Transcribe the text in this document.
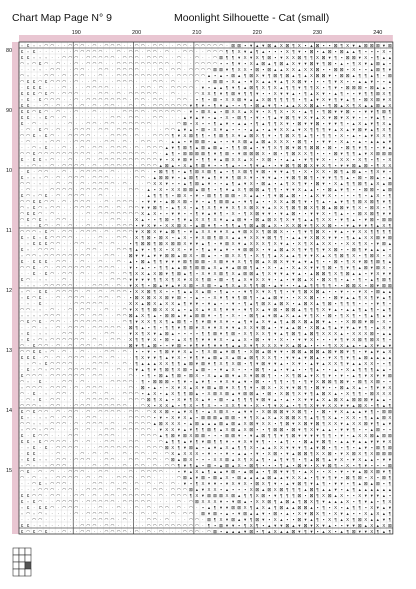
Chart Map Page N° 9	Moonlight Silhouette - Cat (small)
190	200	210	220	230	240
80
90
100
110
120
130
140
150
▫ Ɛ ▫ ▫ ◠ ◠ · · ◠ ◠ ◠ · ◠ · ◠ ◠ ◠ · · ◠ ◠ · ◠ ◠ · · ◠ ◠ · ◠ ◠ ◠ ◠ ◠ · ⊠ ⊠ ▪ ▾ ▴ ▾ ⊠ ▴ X ⊠ ¶ X ▪ ▴ ⊠ ▪ ▪ ⊠ ¶ X ▾ ▴ ⊠ ⊠ ⊠ ▾ ⊠
Ɛ ▫ Ɛ · · · · · · ◠ ◠ ◠ ◠ ◠ · · ◠ · ◠ ◠ · ◠ ◠ · ◠ · · ◠ ◠ · · ◠ ◠ ◠ ¶ ¶ X ▾ ▴ ¶ ▴ ▪ ▪ ▪ X ¶ ▾ ▪ ⊠ ▪ ▴ ⊠ ▪ ⊠ ▴ ▴ ¶ ▪ ▪ ▪ X ▪
Ɛ Ɛ ▫ ▫ ▫ · · ◠ ◠ ◠ · ◠ ◠ ◠ ◠ ◠ · ◠ ◠ ◠ · ◠ ◠ ◠ · · ◠ · · ◠ · · ◠ ⊠ ¶ ¶ ▾ X ▾ X ¶ ⊠ ▪ ▾ X X ⊠ ¶ ¶ X ⊠ ▾ ¶ ▪ ⊠ ⊠ ▾ X ▪ ¶ ▴ ▴
◠ ▫ ◠ Ɛ ◠ · ◠ · · ◠ · ◠ ◠ ◠ · · ◠ ◠ ◠ ◠ ◠ ◠ ◠ ◠ ◠ · ◠ · · ◠ ◠ ◠ ◠ ▪ ▪ ¶ ▾ ▪ X ▴ ⊠ ▴ ¶ ⊠ ▴ X ▾ ▾ ⊠ ▾ ¶ ⊠ ▪ ▴ ▪ ¶ X ▾ ▴ ⊠ ▴ ▪
· · ▫ ▫ · ◠ ◠ · · ◠ ◠ · · ◠ ◠ · ◠ ◠ ◠ ◠ · · · ◠ · ◠ ◠ · ◠ ◠ ◠ ◠ ⊠ ⊠ ▾ ¶ X X ▪ ⊠ ▪ ⊠ ▴ ▴ X X ▴ X X ⊠ ▪ ▪ ⊠ ⊠ ▪ X ▪ ▪ ▴ ⊠ ¶ ▾
◠ ▫ · · ◠ ◠ · ◠ · ◠ ◠ · · ◠ · · ◠ ◠ ◠ ◠ ◠ ◠ ◠ ◠ ◠ · ◠ ◠ ◠ ◠ ◠ ▴ ▪ ▴ ▪ ⊠ ▴ ¶ ⊠ X ▾ ¶ ⊠ ¶ ⊠ ▴ ¶ ▴ X ⊠ ⊠ ▾ ▪ ⊠ ⊠ ▴ ¶ ¶ ▴ ¶ ▪ ⊠
◠ Ɛ Ɛ ◠ Ɛ ◠ ◠ ◠ · ◠ · · ◠ · · · ◠ ◠ ◠ · · · ◠ ◠ · ◠ · · · ◠ · ▪ ⊠ ⊠ ▪ X ▴ ▪ ▾ X ▴ ▴ ▾ ▴ ¶ X ⊠ ▾ ▪ ▪ ▪ ¶ ▾ X ▪ ▪ ▴ ▴ ▾ ▪ ▪ ▴
· Ɛ Ɛ Ɛ · · · ◠ · · · ◠ ◠ ◠ ◠ · · · · · ◠ ◠ · ◠ · ◠ ◠ ◠ ◠ · ▾ ▪ ▴ ▴ ¶ ▾ ¶ ▴ ⊠ ¶ X ¶ X ▴ ¶ ¶ ▾ ¶ ¶ X ▪ ¶ ▾ ▪ ⊠ ⊠ ⊠ ▪ ⊠ ▴ ▴ ▪
Ɛ Ɛ Ɛ ◠ Ɛ ◠ · ◠ ◠ ◠ · · · ◠ ◠ · ◠ · ◠ ◠ ◠ ◠ ◠ · · ◠ · · · ◠ X X ¶ ▾ ¶ ⊠ ▾ ¶ ¶ ▾ ▪ ▪ X ▾ ▾ ▴ ▪ ¶ ▴ X ▾ ▪ ▴ ¶ ▪ ▪ ▾ ¶ ¶ ⊠ X ¶
▫ Ɛ · Ɛ ◠ ◠ ◠ · · ◠ · ◠ ◠ ◠ ◠ ◠ ◠ ◠ · ◠ ◠ · ◠ ◠ · · ◠ ◠ · ▪ ¶ ▪ ⊠ ▪ X X ⊠ ▾ ▴ ▴ X ⊠ ¶ ¶ ¶ ¶ ▪ ¶ ▴ ▾ X ▾ ¶ ▾ ▴ ¶ ▪ ⊠ X ⊠ ▾ X
Ɛ Ɛ · · ◠ · ◠ · ◠ · ◠ · ◠ · ◠ ◠ · · ◠ · ◠ · ◠ ◠ ◠ ◠ ◠ ◠ ▾ ¶ ▾ ▪ ¶ ▾ ▴ ▪ ▪ ¶ ▪ ⊠ ▴ ▾ ¶ ▪ ▴ ▴ X X ⊠ ▴ ▪ ¶ ⊠ ▴ X ¶ X ▴ ▴ ⊠ ▴ X
Ɛ Ɛ ◠ Ɛ ◠ · ◠ · · ◠ · · ◠ · · · · ◠ ◠ ◠ ◠ · ◠ ◠ ◠ ◠ ◠ · ▾ ▪ ⊠ X ▴ ▪ ⊠ X X ▴ X ▾ ▪ X ¶ X ▪ X ▪ ▴ ¶ ▪ ¶ ⊠ ▾ ▾ ⊠ ▪ ▪ ▾ ▾ ¶ ⊠ ¶
Ɛ Ɛ · ▫ Ɛ ◠ · ◠ · · · · · · · ◠ ◠ · ◠ ◠ · · ◠ ◠ · · · ▴ ▾ ▴ ▾ ▪ ▴ ▪ X ▪ ⊠ ¶ ▪ ▾ ▪ ¶ ▴ ▾ ⊠ ¶ ▾ X ▾ ▴ X ▾ ⊠ ▾ X ▾ ▪ ▪ ▾ ▴ ¶ ▪
Ɛ · ◠ · ▫ · · · ◠ · · ◠ ◠ · ◠ ◠ · ◠ ◠ ◠ ◠ ◠ · · · · ◠ ⊠ ▪ X ▪ ▪ ¶ ▴ ▾ ▪ ▴ ▴ ▪ ¶ ▴ ¶ ¶ X ▾ ▪ ⊠ ▾ ▾ ⊠ ▪ ▾ ▾ ¶ ▪ ▴ X ▴ ▾ ¶ X ▴
· ◠ · Ɛ ◠ · ◠ · · ◠ ◠ ◠ · ◠ ◠ · ◠ ◠ ◠ ◠ · · · · ◠ ◠ ▴ ▾ ▴ ▪ ⊠ ▪ X ▾ ▴ ▪ ▪ ▪ ▴ ▴ ▪ ▴ ▾ X X ▴ ▾ X ¶ ¶ ¶ ▾ ▴ X ▴ ▾ ⊠ ▾ ▴ ¶ X ¶
◠ ◠ Ɛ ▫ Ɛ ◠ · · ◠ ◠ ◠ ◠ · · · ◠ ◠ ◠ · ◠ · · ◠ ◠ ◠ ¶ ▾ X ⊠ ¶ ¶ ▪ ¶ ⊠ ¶ X ▾ ▴ ⊠ X ¶ ▾ ▪ ¶ ⊠ X ¶ ▴ ¶ ▪ ¶ ¶ ▪ X ▪ ▴ ▪ ▴ ▾ X X ¶
· ◠ · · ▫ ◠ ◠ · · ◠ ◠ ◠ · · ◠ ◠ · ◠ · · ◠ ◠ · ◠ · ▴ ▴ ▪ ▾ ⊠ ⊠ ▪ ▴ ▪ ▪ ▾ X ⊠ ▴ ▴ ⊠ ▴ X X X ▪ ⊠ ¶ ▪ ▪ ▾ ▾ ▪ X ▴ ▪ ▴ ▪ ▴ ▴ ▴ ▾
· · ◠ ▫ Ɛ · · ◠ · · ◠ · ◠ ◠ · ◠ ◠ ◠ · ◠ · ◠ ◠ ◠ ▴ ▾ ¶ ⊠ ¶ ▴ ⊠ ▴ ⊠ ▴ ▪ ¶ ¶ ⊠ ▴ ▪ ▾ ¶ X ¶ ⊠ ▾ ⊠ ¶ ⊠ ⊠ ▪ ⊠ ▪ ▪ ⊠ ¶ ▾ ¶ ▪ ▪ ▾ ▴
◠ ◠ Ɛ ◠ ◠ ◠ ◠ ◠ ◠ ◠ ◠ ◠ · ◠ · ◠ ◠ ◠ ◠ ◠ ◠ · ◠ · ▴ ¶ ▪ ⊠ ⊠ ⊠ ⊠ ¶ ▾ ¶ ⊠ ▪ ▾ ⊠ ⊠ ⊠ X ▪ ⊠ ▪ ¶ ⊠ X X ¶ ▪ ▪ ▪ ⊠ ▾ ¶ ¶ ▴ ▾ X ⊠ ⊠ ⊠
Ɛ · Ɛ Ɛ ▫ ◠ · · ◠ · · ◠ · ◠ ◠ ◠ ◠ ◠ ◠ ◠ ◠ ◠ ◠ ▾ ▪ X ▾ ⊠ ▾ ▪ ¶ ¶ ▾ ▴ ⊠ X X ▴ X ▪ X ⊠ ▪ ▪ ▴ ▴ ▪ ▾ ¶ ▾ X ▪ ▪ X X ▪ X ¶ ▪ ¶ ▪ X
· ▫ ◠ ▫ · ◠ · ◠ ◠ ◠ ◠ · ◠ · ◠ ◠ ◠ ◠ ◠ · ◠ ◠ ◠ ▴ ⊠ ▴ ▪ X ▴ ¶ ⊠ ▾ ▪ ▪ ¶ ▴ ▪ ▪ ¶ ▾ ▴ ▪ ▪ ▾ ⊠ ¶ ⊠ ⊠ X ▾ X ¶ ▪ ▾ ▾ ⊠ ▴ ⊠ ▪ ¶ X X
· Ɛ · ◠ ◠ · · ◠ · · ◠ ◠ ◠ ◠ · ◠ · · · ◠ ◠ · ▪ ⊠ ¶ ¶ ▪ ▴ ¶ ⊠ X ⊠ ¶ ▴ ▪ ¶ X ⊠ ¶ ▾ ⊠ ▪ ▾ ▾ ▴ ¶ ▪ X ▪ X X ▪ ⊠ ¶ ▴ ⊠ ▴ ▪ ¶ X ▾ ▪
Ɛ ▫ ▫ ▫ ◠ · ◠ · ◠ ◠ ◠ · ◠ ◠ ◠ · · · · ◠ ◠ · ▴ ⊠ ⊠ ▾ ▪ ▴ ⊠ ¶ ▾ ▴ ¶ ▾ ▾ ¶ ⊠ X ▾ ▪ ▾ ▾ ▴ ▪ ▾ ⊠ ¶ ⊠ ¶ ▪ ▾ ▾ ¶ ¶ ▴ ▪ ⊠ ▪ ⊠ ▴ ▪ ▴
◠ ◠ · ▫ · · ◠ · ◠ · ◠ · ◠ ◠ ◠ ◠ · ◠ · · · ◠ X X ▾ ▪ ▪ ▴ ¶ ⊠ ▴ ▾ ▪ ▪ ▴ ¶ ▴ ▾ X ▪ ⊠ ▴ ▪ ▴ ¶ X ¶ ▾ ▪ ⊠ ▾ ▪ X ▴ ¶ ¶ ⊠ ¶ ▴ X ▴ ⊠
· ◠ · · · ◠ ◠ ◠ ◠ · ◠ ◠ ◠ ◠ ◠ · · · ◠ ◠ · ▴ ▪ X ▪ X X ⊠ ⊠ ▴ ⊠ ¶ ▪ ¶ ▾ ▴ X ¶ ⊠ ⊠ ▴ ¶ ¶ ▪ ▾ ▾ X ▴ ▴ ▪ ▪ ⊠ ▴ ▾ ¶ ▪ ▪ ⊠ ⊠ ▪ ▴ ⊠
Ɛ ◠ ▫ ◠ Ɛ · ◠ · ◠ ◠ ◠ · · ◠ · · · · · · · ▴ ¶ ¶ ¶ ▪ ⊠ X ▪ ▾ ▪ ⊠ ¶ ¶ ⊠ ⊠ ▪ X ▴ ▴ ▪ ¶ ▾ ⊠ ▴ ⊠ ▪ ▪ ▴ X ▾ X ▪ ▪ ▪ ▪ ¶ ▪ ▴ X ▪ ¶
◠ ◠ Ɛ Ɛ ◠ ◠ · ◠ · ◠ ◠ ◠ · · ◠ · ◠ ◠ ◠ · ▪ ▾ ▾ ▪ ▴ ⊠ X ⊠ ▪ ▾ ▪ ▴ ¶ ⊠ ⊠ ▴ ▪ ▾ ¶ ▴ ▪ ▪ X X ▴ ⊠ ¶ ▾ ▪ ¶ ▴ ▪ ▴ ▾ ¶ ¶ ⊠ X ⊠ ¶ ▾ ¶
◠ ▫ Ɛ ◠ ▫ ◠ ◠ · · ◠ ◠ ◠ · ◠ ◠ · ◠ · ◠ ◠ ▾ ▾ ⊠ ¶ ▪ ▴ ¶ X ▪ ▴ ¶ X ¶ ▾ ▾ X ¶ X ⊠ X ▾ ▴ X X ¶ ⊠ ¶ ⊠ X ¶ ⊠ ▴ ⊠ ⊠ ▾ ¶ X ▪ ⊠ X ▪ ¶
◠ Ɛ Ɛ ◠ · ◠ · · · · · ◠ · ◠ ◠ ◠ ◠ ◠ ◠ ◠ X ▴ X ▪ ▪ ▾ ▾ ▪ ▪ ¶ ▾ ▴ ▾ ¶ ▪ X ▪ ¶ X ⊠ ▾ ▾ ▪ ▾ ▴ ⊠ ▪ ▪ ▾ ▾ X ▪ ¶ ▴ ▪ ▪ ⊠ X ⊠ ¶ ▾ ▾
◠ Ɛ ◠ Ɛ ▫ · ◠ ◠ · · · · · · · ◠ ◠ · · X ▴ ▪ ▪ ¶ ⊠ ▪ ¶ ▾ ▴ X X ¶ X ▾ ▴ ▴ ⊠ ▾ ▪ ⊠ ▴ ⊠ X ¶ X ▾ ¶ ▴ ▴ ¶ X X ▪ ▾ ¶ ▴ ▪ ▾ ⊠ ▪ ⊠ ⊠
· ▫ · Ɛ ◠ · ◠ · ◠ · · ◠ · ◠ · · ◠ ◠ ◠ ▪ ▾ X ▾ ▪ X X ⊠ X ▪ ▴ ⊠ ▾ ¶ ▪ ¶ ¶ ▴ ¶ ⊠ ▴ ⊠ ▴ X ▪ X X ⊠ ▾ ¶ X X ⊠ ▪ ▪ ▾ ▴ ▾ ▾ ¶ ▴ X ¶
◠ ◠ ◠ ▫ Ɛ ◠ · ◠ ◠ · ◠ ◠ ◠ · ◠ · ◠ ◠ ◠ ▾ X ⊠ X ▾ ▴ ⊠ ¶ ▪ ▾ ▴ X X ▾ ▾ X ▴ ▾ ⊠ X X ¶ ⊠ ⊠ X ▪ ▪ ¶ ▾ ¶ ⊠ X ▪ ▾ ▴ ▪ ▾ X X ¶ ¶ ¶ ¶
Ɛ ▫ Ɛ ▫ Ɛ ◠ ◠ ◠ ◠ · · · · ◠ · · ◠ ◠ · X ¶ ⊠ ▪ ⊠ X ▪ ▴ X ▪ ▾ X ⊠ ¶ ⊠ X ▴ ▴ ▾ X X ▾ ⊠ ¶ ¶ ▪ ▴ ▴ ▾ X ⊠ X ▾ ▾ ▪ ¶ ▴ ▴ X X ⊠ ▾ ⊠
· ▫ Ɛ Ɛ Ɛ ◠ ◠ · · ◠ ◠ · · ◠ · ◠ · · ▪ ¶ ⊠ ⊠ ¶ ⊠ X ⊠ ⊠ X ▾ ▾ ▴ ¶ ▪ ▾ ⊠ X ▾ ▴ X X X ¶ X ▾ ▴ ▪ X ¶ X ▴ X X ▪ ▪ X X ¶ X ▪ ▾ ⊠ ▴
Ɛ ▫ · ◠ ◠ ◠ · · · · · ◠ ◠ · · · ◠ ◠ ¶ ▴ ▾ ▪ ¶ X ▪ X X ▪ ▾ ▪ ¶ ▴ ▾ ▴ ▾ ▪ ▾ ⊠ ⊠ X ▪ ▾ ▴ ⊠ ▴ X ¶ ▾ ¶ ¶ ▾ X ⊠ ▪ ▪ ⊠ ¶ ▾ ▴ ▴ ▴ ▪
▫ ◠ ◠ ▫ ◠ ◠ ◠ ◠ ◠ ◠ ◠ ◠ · · ◠ ◠ · · ⊠ ▾ ▾ ▴ ▾ ▾ ⊠ ⊠ ▴ ⊠ X ▪ ⊠ ▴ ▪ ▪ ⊠ X X ¶ ▪ X ¶ ¶ ▴ X ▴ ▴ ¶ ▾ ▾ X ▴ X ¶ ⊠ ¶ X ▪ ¶ ⊠ X ▪ X
Ɛ · Ɛ Ɛ Ɛ · ◠ ◠ · · ◠ · · ◠ · · ◠ · ▴ ▪ ⊠ ▴ ¶ ¶ ▾ ▾ ▾ ⊠ ¶ ⊠ ⊠ ▪ X ⊠ ▾ ▾ X ¶ ¶ ⊠ ▴ X ⊠ X ▾ ▾ ▴ ▾ ▴ ¶ ▪ ▪ ⊠ ▪ ¶ X ▾ ⊠ ¶ ⊠ ¶ ▴
◠ ◠ Ɛ · ◠ · ◠ ◠ ◠ ◠ ◠ ◠ · ◠ ◠ ◠ · · ▾ ▪ ▴ ▪ ▪ ¶ ¶ ▴ ▴ ⊠ ¶ ⊠ ⊠ ▴ X ▴ ▾ ▴ ⊠ ⊠ ¶ ▴ ▪ X ▪ ▴ ▪ X ▴ X ▾ ▾ ¶ ⊠ ▪ ¶ ▾ ¶ ▴ ⊠ ▾ ⊠ X ▪
· · Ɛ · Ɛ ◠ · ◠ ◠ · ◠ · · ◠ · ◠ · ◠ ¶ X X ▴ X ⊠ ▾ ¶ ⊠ ▴ ¶ ▪ X ▾ X ⊠ ¶ X ▴ ⊠ ⊠ ▴ ¶ X ▾ ▾ ▴ ▾ ▴ ▪ ▴ ⊠ ⊠ ¶ X ¶ ⊠ ▴ ▴ ▪ ▾ X ▾ ▾
Ɛ ◠ · ▫ ▫ · · ◠ · · · · · · · ◠ ◠ ◠ ▾ ▾ ▾ ▾ ¶ ¶ X ¶ X ▾ X X ¶ ⊠ ▪ ⊠ ▪ ¶ ▴ X ▾ X X ▾ ▪ ▴ ▪ ▾ ⊠ ▴ X ▪ ⊠ X ¶ ▪ ▴ ▪ ¶ ▪ ▴ ¶ ⊠ ¶
· ▫ ▫ · ◠ ◠ ◠ ◠ ◠ · · · ◠ ◠ ◠ · ◠ · ▾ X ¶ ▪ ⊠ ▴ ▾ ▴ ▾ X ⊠ ▪ X ⊠ ▪ ▴ ¶ X ▴ X ¶ ¶ ⊠ ▪ ▴ ▾ ▪ ▪ ▴ ▴ ¶ ¶ ¶ ¶ ▪ ▪ ⊠ ⊠ X ▪ ⊠ ▾ ⊠ ⊠
▫ ◠ · Ɛ Ɛ · ◠ ◠ ◠ ◠ · ◠ · ◠ · ◠ ◠ ◠ ▪ X X ⊠ ¶ X ▪ ▪ ¶ ▴ ▴ X ▴ ⊠ ▪ ¶ ▴ ▪ ▪ ▾ ¶ X ▾ X ¶ ¶ ▪ ▾ ¶ ⊠ X ⊠ ▴ ▪ ▪ ▾ ▪ ▪ ▾ X ▪ ⊠ ▴ ▴
▫ Ɛ ◠ Ɛ · · ◠ · ◠ ◠ ◠ · · ◠ ◠ · ◠ · ▪ ⊠ X ⊠ X X ⊠ ▾ ⊠ ▪ ▪ ▴ ▪ ▪ X ▾ ¶ ▾ ¶ ⊠ ¶ ▪ ▴ ▴ ⊠ ▾ ▪ ▪ X X ⊠ ▪ ▪ ▪ ⊠ ▾ ▴ ▴ ¶ X ¶ ▾ ▴ ¶
· ▫ · Ɛ · · · · · ◠ ◠ ◠ ◠ ◠ · · · · X X ▴ ⊠ X ▴ X X ▴ ¶ ▾ ▾ ▪ ▾ ▴ ▪ ▪ ▾ ▪ ¶ ▴ ¶ ⊠ X ▴ ⊠ X ▪ ▴ ⊠ X ▴ ¶ ⊠ ▪ ¶ ¶ ¶ ▪ ▪ ▪ ▾ ¶ ▪
◠ ◠ ▫ ▫ · ◠ · · ◠ · ◠ ◠ · · ◠ · · ◠ ▾ X ¶ ¶ ⊠ X X X ▴ ▪ ▴ X ▴ ▾ X ¶ ▾ ▾ ▪ ▾ ¶ X ▴ ▾ ⊠ ▪ ⊠ ⊠ ▴ ¶ ¶ ¶ X ▾ ▴ ▪ ▴ ▴ ¶ ▴ ¶ ▪ ▴ ¶
▫ ▫ ▫ ▫ ◠ ◠ ◠ · · ◠ ◠ · ◠ ◠ · · ◠ ◠ ⊠ ▴ X ¶ ▴ ▪ ⊠ ⊠ ▴ ▾ ▴ ⊠ ⊠ ▾ ▪ ¶ ▪ X ▪ ▪ ⊠ ¶ ▴ ▾ ⊠ ▴ X ▴ ▴ ▾ ¶ X ▪ ⊠ ▪ ¶ X ¶ ▪ ¶ ▴ ¶ ▴ ▾
◠ Ɛ ◠ Ɛ · ◠ ◠ · · ◠ ◠ ◠ ◠ ◠ · · · ◠ ¶ ▾ X X ¶ X ¶ ▴ ⊠ ¶ ▪ ¶ ▾ ⊠ ▾ X ▾ ▪ ▴ ¶ ▾ ▴ X ▾ ▴ ¶ ▴ ⊠ X ⊠ ▴ ⊠ ▾ ▴ ▪ ▪ X ⊠ ⊠ ▾ ⊠ ▪ X ▪
· · ◠ · ▫ · ◠ · ◠ ◠ ◠ · ◠ ◠ ◠ ◠ ◠ · ⊠ ¶ ▴ ▪ ¶ ▪ ¶ ¶ ▾ ¶ ⊠ ▾ X ▾ ▾ X ▾ ▾ ▴ X X ▾ ⊠ ▴ ▪ ▾ ▴ ▴ ⊠ ▪ X ⊠ ▴ ¶ ▴ ▾ ▾ ▴ ▾ ¶ ▪ ▴ X ▾
▫ Ɛ · ▫ ▫ · · ◠ ◠ · ◠ · · · ◠ ◠ · · ▾ X ¶ X ▾ ▴ ⊠ ▴ ▪ ▪ ▪ ▪ ¶ ¶ ⊠ ▾ ¶ ⊠ ▪ X ¶ X X ¶ ▾ ▴ ¶ ⊠ ¶ ▴ ⊠ ¶ X X X ▴ ▪ X X X ⊠ ▪ ▴ ▴
▫ Ɛ ▫ ◠ ▫ ◠ ◠ ◠ ◠ ◠ ◠ · ◠ · · ◠ ◠ · X ¶ ¶ ▾ X ▪ ⊠ ▪ ▴ X ¶ ¶ ▾ ▾ ▾ X ▪ ▴ ▴ X ▪ ⊠ ▪ ▾ ▪ X ▪ ▪ ▾ ▾ X ▪ ▪ ▪ ▾ ¶ ▾ X ⊠ ¶ ⊠ X ¶ ▪
◠ · Ɛ ◠ ◠ · ◠ · ◠ · ◠ ◠ · ◠ · · · · ⊠ ▾ ¶ ▴ ⊠ ▪ ▪ ▾ ⊠ ▪ ▾ ¶ ▾ ¶ ▾ ▾ ¶ ▴ ▴ X ▾ ¶ X X X ▾ X ▴ ⊠ ▴ ▪ ▪ ▪ ¶ X X ▴ ▴ ▪ ▴ X ▾ ▴ ▾
◠ ◠ Ɛ Ɛ ▫ ◠ · ◠ · · ◠ · · · ◠ ◠ · ◠ · ▪ ▪ ▾ ▪ ¶ ⊠ ▾ ▾ X ▴ ▪ ¶ X ⊠ ▴ ▾ ⊠ ¶ ▪ X ⊠ ▴ ⊠ ▾ ▾ ▪ ⊠ ⊠ ▴ ⊠ ⊠ ▴ ⊠ ▾ ⊠ ▾ ¶ ▪ ▾ ▴ ▾ ▴ X
Ɛ Ɛ Ɛ · ◠ · ◠ · ◠ ◠ ◠ · ◠ ◠ · ◠ · · · ¶ X ▾ ▾ ¶ ▴ ▾ X ▪ ▾ ¶ ▾ ▴ ⊠ ▴ X ▴ ⊠ ▴ ⊠ ¶ X X ¶ ▪ ▾ ▾ ▴ ▾ ⊠ ▴ ▪ ▾ X ¶ ▾ ¶ ▴ ⊠ ▴ ▴ ▴ ▴
· ▫ ◠ ▫ Ɛ ◠ ◠ ◠ ◠ · · · ◠ ◠ ◠ · · ◠ · ¶ ▴ ▴ ▴ X X ¶ ¶ ▴ ⊠ ▾ ⊠ ▾ ¶ X ¶ X ⊠ ▪ ¶ ▾ ⊠ ▾ ▾ ▴ ▪ X ▾ ▪ ▴ ▾ ▴ X X ¶ ▾ ▴ ▴ X X ▪ ▪ ¶
· Ɛ ▫ ◠ ▫ ◠ ◠ · ◠ ◠ ◠ ◠ ◠ · · · ◠ · ◠ ▾ ▴ ¶ ▾ ¶ ⊠ ¶ X ⊠ ▪ ▴ ⊠ ▪ ▪ ▾ ▴ X ▪ ▪ ▪ ⊠ ¶ ▪ ▴ ▪ ▾ ▴ ▪ ▪ ¶ ▴ ▪ ▪ ▴ ▪ X ▴ ¶ ¶ ¶ ▴ ▴ ▪
Ɛ ◠ ◠ ◠ · ◠ ◠ ◠ ◠ ◠ ◠ · ◠ ◠ · · · · ◠ · ▪ ¶ ▪ ⊠ ▴ ¶ ⊠ ▪ ⊠ X ▪ X ▴ ▴ ⊠ ▾ ▴ X ▾ ⊠ ⊠ ¶ ▪ ▪ X ¶ ⊠ ▴ ▾ X ¶ ▾ ▪ ▾ ▪ ▴ ¶ ▾ X ▾ ▾ ⊠
◠ ▫ · Ɛ · · · ◠ ◠ · ◠ · · · · ◠ ◠ ◠ ◠ · ¶ ▪ ⊠ ⊠ ⊠ ▪ ¶ ▾ ▪ ▴ ▾ ¶ ▪ ▾ X ▾ ▴ ▾ ▪ ⊠ ▪ ▪ ¶ ¶ ▪ ¶ ▪ ¶ ▾ X ⊠ ⊠ ¶ ⊠ ▾ ▪ ⊠ ¶ X ⊠ ▪ ▪
▫ ◠ ◠ ◠ · ◠ ◠ ◠ · ◠ · ◠ ◠ ◠ · · · · ◠ · ⊠ ▪ ▴ ▪ ▪ X ▾ X ▴ X ▾ ⊠ ▴ ⊠ ▾ X ¶ ¶ ▾ ▪ ⊠ X ▪ X ▾ ▾ ⊠ ¶ ▪ ⊠ ▾ ▪ ▪ ⊠ ▴ X ▴ ▪ ¶ ▾ ▾ X
◠ · Ɛ · ▫ · ◠ ◠ · · ◠ · ◠ · ◠ · · ◠ ◠ ◠ ▪ ▴ X ▪ ▴ X ¶ ¶ ⊠ ▴ ▪ X ⊠ X ⊠ ▴ ▾ ⊠ ⊠ ▴ ▪ ⊠ ▪ X ⊠ ¶ X ▾ ¶ ▴ ⊠ X ▴ ▪ X ¶ ¶ ▪ ⊠ X X X
· ◠ ▫ Ɛ · ◠ ◠ · · · · ◠ ◠ ◠ ◠ ◠ · · ◠ ◠ ◠ ⊠ ¶ X ▴ ▪ X ▾ ¶ X ▴ ▾ ▪ ⊠ ▪ ▴ ¶ ¶ ¶ ▾ ⊠ ▾ ▴ ▪ ▴ ▪ X ▾ ▾ ▴ X ▴ ⊠ X ▴ ⊠ ⊠ ⊠ ▾ ▴ ▴ ▪
◠ ◠ ◠ ▫ · ◠ ◠ · · ◠ ◠ ◠ · ◠ ◠ ◠ ◠ ◠ · · ◠ X ▪ X X ▴ ▪ ¶ X ▪ ¶ X ▪ ▪ X X ¶ ▾ ▪ X ▪ ¶ ▾ X ▴ ▪ ¶ ¶ X ▾ ▾ X X ▾ ▾ ▴ ⊠ X ▪ ¶ ▴ ¶
Ɛ ◠ Ɛ ◠ ◠ · ◠ · ◠ ◠ · ◠ · ◠ ◠ ◠ ◠ · ◠ ◠ · ◠ X X ⊠ ▪ ▴ ▾ X ¶ ▪ ▴ X ⊠ X ▪ ▴ ▾ ▾ ▪ X ⊠ ⊠ ⊠ ▾ X ⊠ ¶ ▪ ▪ ⊠ ▪ ▾ X ▴ ▴ ▴ ▾ ¶ ▪ ⊠ ⊠
Ɛ ▫ · ▫ ▫ ◠ · ◠ ◠ · · ◠ ◠ · · · · · ◠ ◠ ◠ ◠ ▪ ▾ ▪ X ▾ X ▴ ▪ ⊠ ⊠ ⊠ ▴ ⊠ ⊠ ▪ ▾ ¶ X ▴ X ▴ X ⊠ ⊠ X ¶ ▴ ¶ ¶ X ▴ ▪ X X ▪ ¶ ▴ ▴ ⊠ X
◠ ◠ ▫ ▫ · ◠ ◠ ◠ · ◠ · ◠ ◠ ◠ · ◠ · · ◠ ◠ ◠ ◠ ▴ ⊠ X X X ▪ ▴ ⊠ ▴ ▴ ▴ ⊠ ▴ ⊠ ▴ X ⊠ ▾ X X ▪ ¶ ⊠ ▾ X ⊠ ▾ ⊠ ¶ X X ▾ ▴ X X ⊠ ▾ ¶ ▴ ▾
▫ ◠ ◠ ▫ ◠ ◠ · · · ◠ · ◠ · · ◠ ◠ · ◠ ◠ ◠ ◠ ◠ · ▾ X X ▾ ▴ ▾ ¶ ¶ ⊠ ¶ ▴ X ⊠ ▴ X ⊠ ▪ ▪ ¶ ⊠ ⊠ ▪ ⊠ ▾ ¶ X ▾ ▴ ▴ ▪ ▾ ▾ ¶ ▪ ▪ ▴ ⊠ ▪ ▪
Ɛ · Ɛ ◠ ◠ · · · ◠ ◠ · · · ◠ ◠ ◠ · · · · ◠ ◠ ◠ ▴ ¶ ⊠ ▾ ⊠ X ⊠ ⊠ ▪ ▪ ▪ ⊠ ⊠ ▾ ▪ ▾ ▴ ⊠ ¶ ¶ ▾ ¶ ⊠ ▾ ▾ ▾ ▾ ¶ ¶ ▪ ▾ ▪ ▴ X X ⊠ ▴ ⊠ ⊠
Ɛ Ɛ ▫ Ɛ ◠ ◠ ◠ ◠ · ◠ · ◠ · · ◠ ◠ · · ◠ ◠ · ◠ · ◠ ▴ ¶ ¶ ▴ ▾ ¶ ▾ ⊠ ¶ ¶ ▾ ▪ ▾ X ▾ ▾ ¶ ▪ ▪ ▴ ¶ ▪ ▪ ⊠ ▴ ▾ ⊠ ¶ ▪ ▴ ▴ ▾ ▴ ▴ ▾ ▾ ▾ X
· ▫ Ɛ · Ɛ · ◠ ◠ ◠ ◠ · · · ◠ ◠ ◠ ◠ ◠ ◠ ◠ · ◠ ◠ ◠ ⊠ X ¶ ▾ ⊠ ▴ ▪ ▴ ▾ ▴ X ▴ ¶ ¶ X ▪ ▴ ▴ X X ▾ ▾ ▾ ¶ ▴ ▾ ⊠ ▪ ¶ ▪ ¶ ▪ ▴ ▾ ▪ ⊠ ¶ ⊠
· Ɛ Ɛ · · · ◠ · · · ◠ · ◠ · ◠ · · ◠ · ◠ ◠ · ◠ · ◠ X ▴ X X X ▪ ▾ ▪ ▪ ▾ ▪ ▴ ▴ ▪ ▾ ▪ X ⊠ ▪ ▾ ▴ ⊠ ⊠ ¶ X X ⊠ ▪ ▾ X ⊠ X ¶ X ⊠ ⊠ ⊠
▫ Ɛ Ɛ ▫ ▫ · ◠ ◠ · ◠ ◠ ◠ · · ◠ ◠ · · ◠ ◠ · ◠ ◠ · ◠ ⊠ ▴ ⊠ X ▪ ▪ ▪ X X ⊠ ▴ X ¶ X ▴ ¶ ▪ ▴ ¶ ▾ ¶ ▪ ¶ ▴ ⊠ ¶ ▴ ▾ X ▪ ▾ X ▴ ▴ ▪ ▾ ▾
▫ ◠ ▫ · ▫ ◠ ◠ ◠ · · · · ◠ · ◠ · · ◠ · ◠ ◠ · ◠ · ◠ ◠ ¶ ▾ ¶ ▴ ▪ ⊠ ▪ ▴ ⊠ ▴ X ▪ ⊠ ¶ ▪ ▪ ▪ ¶ ▴ ▪ ⊠ ▾ ▪ X ▾ ⊠ ¶ ▪ X ▪ ¶ ▾ ▪ ▪ ▪ ⊠
◠ Ɛ · ◠ · ◠ · · ◠ ◠ ◠ · · ◠ ◠ · · · ◠ · ◠ ◠ ◠ ◠ · · ▪ ▾ ▴ X ▴ ¶ ▴ ▴ ▾ ⊠ ▪ ▴ ⊠ ▴ ▪ ¶ ⊠ ▾ ▾ ¶ ▪ ▴ X ▪ ▪ X ▪ ▾ ▪ ▾ ▴ ⊠ X ⊠ ▾ ¶
◠ · ◠ · ▫ · ◠ ◠ ◠ ◠ · ◠ · ◠ · · ◠ ◠ ◠ · ◠ ◠ · · · · ◠ ⊠ ▴ ▾ ⊠ ▪ ⊠ ▴ X ▪ ⊠ ▴ ▴ ▴ ▴ ⊠ ▴ ▴ ▾ X X ▴ ▪ ¶ ▾ ¶ ▾ ▪ ⊠ ¶ ⊠ ▪ X ▪ ⊠ ¶
· · ◠ Ɛ ▫ ◠ ◠ ◠ · · · · ◠ ◠ · ◠ · ◠ · ◠ · ◠ · ◠ · ◠ · ▾ ▪ ¶ X ▾ ▾ ▪ ▾ X ▾ X ▪ ⊠ X ¶ ▾ ▪ ▴ ▾ ⊠ ¶ ▾ ▴ ¶ ▪ ▾ ▾ ▪ ¶ ▴ ⊠ ▴ ⊠ ▪ ¶
· · ▫ ◠ ◠ ◠ · ◠ ◠ · · ◠ ◠ ◠ · · ◠ ◠ · ◠ · · ◠ ◠ · ◠ ◠ ◠ ⊠ ▴ ▾ X X ▪ ▴ ▪ ▪ ▪ X ⊠ ▴ ⊠ X ⊠ ¶ ¶ ¶ ▴ ⊠ ¶ ▴ ▴ ▾ ▪ ▴ ¶ ▴ ▴ ▴ ▴ ▴ ▴
Ɛ Ɛ ◠ ◠ · ◠ ◠ · · ◠ ◠ · ◠ · ◠ ◠ · ◠ ◠ ◠ ◠ ◠ · ◠ · ◠ ◠ ◠ ¶ X ▾ ⊠ ⊠ ⊠ X ⊠ ▴ ¶ ¶ X ⊠ ▪ ▾ ¶ ¶ ¶ ⊠ ▪ ⊠ ¶ X ⊠ ▴ X ▪ ▪ X ▾ ▾ ▾ ▴ ▪
Ɛ ▫ Ɛ ◠ · · ◠ ◠ ◠ ◠ · ◠ ◠ ◠ ◠ ◠ · ◠ ◠ ◠ ◠ ◠ · · · · ◠ · ◠ ⊠ X X X ▾ ▪ ▾ ⊠ ▴ ▪ X X ⊠ ¶ ▴ ⊠ ▴ ¶ ⊠ X ¶ ▾ ▴ ▴ ▴ X ▪ ¶ ▾ ▴ ▪ ¶ X
▫ Ɛ · Ɛ Ɛ ◠ · ◠ ◠ ◠ · · · ◠ · · ◠ · · ◠ · ◠ · ◠ ◠ · ◠ · ◠ · ▪ ▴ ¶ ▾ ▾ ⊠ ⊠ X ¶ ▴ X ▴ ¶ ⊠ ▴ ▴ ⊠ ⊠ ▴ ▪ ¶ ▪ X ▪ ▴ ¶ ¶ ▪ X ▾ ▴ ▾
▫ ◠ ▫ ◠ ▫ · · · · ◠ · ◠ ◠ ◠ ◠ · · ◠ ◠ · ◠ · ◠ · · ◠ · ◠ ◠ · ⊠ ▾ ⊠ ▪ ▴ ▪ ▾ ⊠ ▴ ▴ ▾ ▪ ⊠ ▪ ▴ ▪ X ▾ ⊠ X ¶ ▪ X ▾ ▴ ▪ ▪ X ▴ X ▴ ¶
· · ◠ ◠ · · · · · · · · ◠ ◠ ◠ ◠ · ◠ · · · ◠ ◠ · ◠ · · · ◠ ◠ · ⊠ ¶ X ▾ ⊠ ▴ ▾ ¶ ⊠ ▾ ▪ X ▴ ▪ ▪ ⊠ ▾ ▴ ¶ ▪ X ¶ ▴ X ¶ ⊠ X ▴ ▴ ▾ ¶
Ɛ Ɛ · ▫ ▫ · · · · · ◠ ◠ ◠ · ◠ ◠ · · · · · ◠ ◠ ◠ ◠ ◠ ◠ ◠ ◠ ◠ · ¶ ▪ ⊠ ▾ ▾ ▪ ¶ X ¶ ▪ ▴ ▾ ▾ ⊠ ▴ ▾ ⊠ ▾ X ▾ ▴ ▪ ▪ ▾ ▾ ⊠ ▴ X ▴ X ⊠
Ɛ ◠ Ɛ ◠ Ɛ · · ◠ · · ◠ ◠ · · ◠ ◠ ◠ ◠ · ◠ · ◠ · ◠ · · · ◠ ◠ ◠ · ◠ ⊠ ▪ ▴ ▴ ▴ ▾ ⊠ ▪ ¶ ▴ X ▴ ▴ ⊠ ▾ ¶ ▾ ▪ ▴ X ▪ ▴ ¶ ⊠ ▾ ▾ X ¶ ▴ ¶
